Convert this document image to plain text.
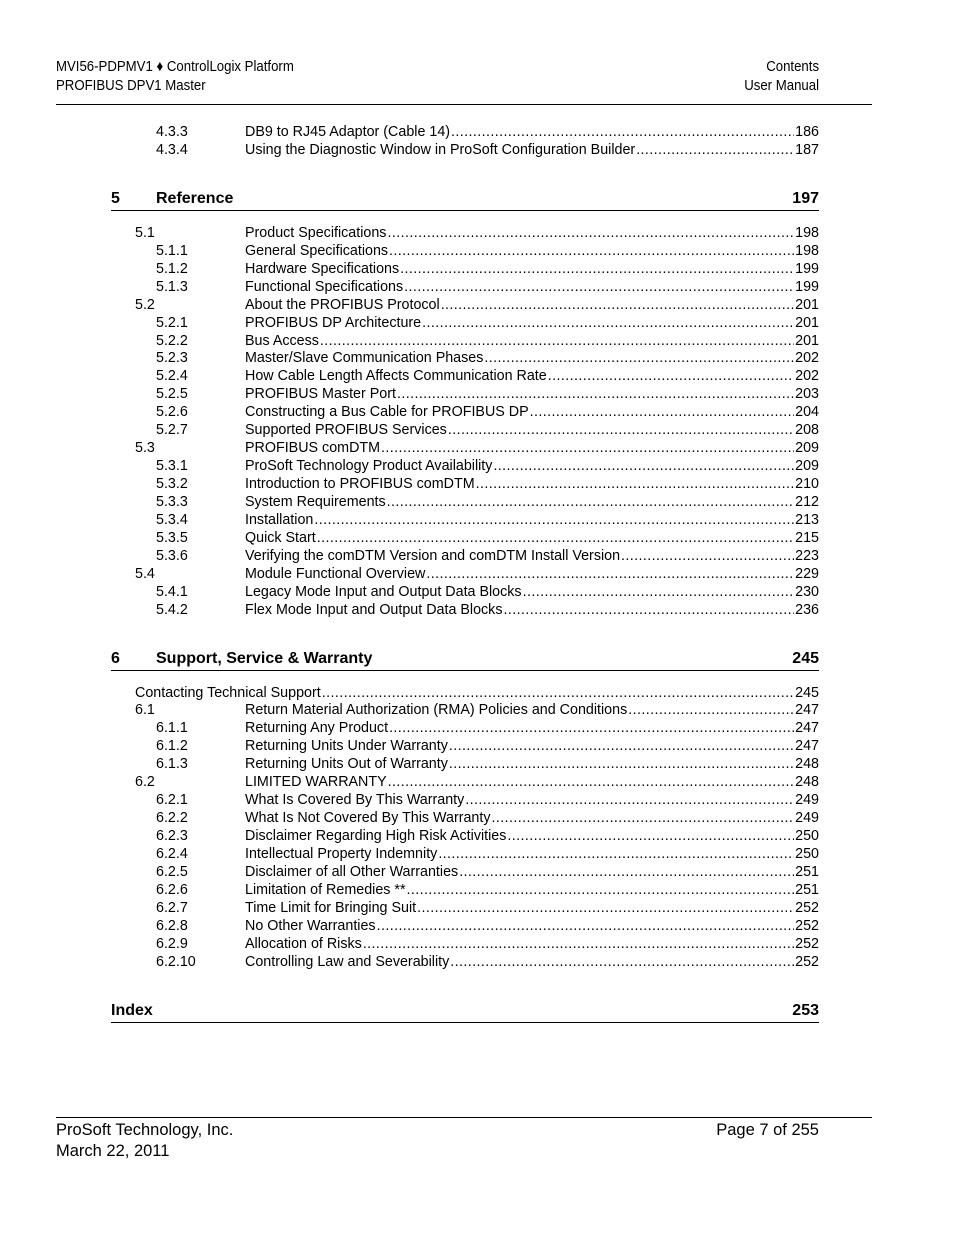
MVI56-PDPMV1 ♦ ControlLogix Platform
PROFIBUS DPV1 Master
Contents
User Manual
4.3.3	DB9 to RJ45 Adaptor (Cable 14) .....	186
4.3.4	Using the Diagnostic Window in ProSoft Configuration Builder .....	187
5 Reference	197
5.1	Product Specifications .....	198
5.1.1	General Specifications .....	198
5.1.2	Hardware Specifications .....	199
5.1.3	Functional Specifications .....	199
5.2	About the PROFIBUS Protocol .....	201
5.2.1	PROFIBUS DP Architecture .....	201
5.2.2	Bus Access .....	201
5.2.3	Master/Slave Communication Phases .....	202
5.2.4	How Cable Length Affects Communication Rate .....	202
5.2.5	PROFIBUS Master Port .....	203
5.2.6	Constructing a Bus Cable for PROFIBUS DP .....	204
5.2.7	Supported PROFIBUS Services .....	208
5.3	PROFIBUS comDTM .....	209
5.3.1	ProSoft Technology Product Availability .....	209
5.3.2	Introduction to PROFIBUS comDTM .....	210
5.3.3	System Requirements .....	212
5.3.4	Installation .....	213
5.3.5	Quick Start .....	215
5.3.6	Verifying the comDTM Version and comDTM Install Version .....	223
5.4	Module Functional Overview .....	229
5.4.1	Legacy Mode Input and Output Data Blocks .....	230
5.4.2	Flex Mode Input and Output Data Blocks .....	236
6 Support, Service & Warranty	245
Contacting Technical Support .....	245
6.1	Return Material Authorization (RMA) Policies and Conditions .....	247
6.1.1	Returning Any Product .....	247
6.1.2	Returning Units Under Warranty .....	247
6.1.3	Returning Units Out of Warranty .....	248
6.2	LIMITED WARRANTY .....	248
6.2.1	What Is Covered By This Warranty .....	249
6.2.2	What Is Not Covered By This Warranty .....	249
6.2.3	Disclaimer Regarding High Risk Activities .....	250
6.2.4	Intellectual Property Indemnity .....	250
6.2.5	Disclaimer of all Other Warranties .....	251
6.2.6	Limitation of Remedies ** .....	251
6.2.7	Time Limit for Bringing Suit .....	252
6.2.8	No Other Warranties .....	252
6.2.9	Allocation of Risks .....	252
6.2.10	Controlling Law and Severability .....	252
Index	253
ProSoft Technology, Inc.
March 22, 2011
Page 7 of 255
